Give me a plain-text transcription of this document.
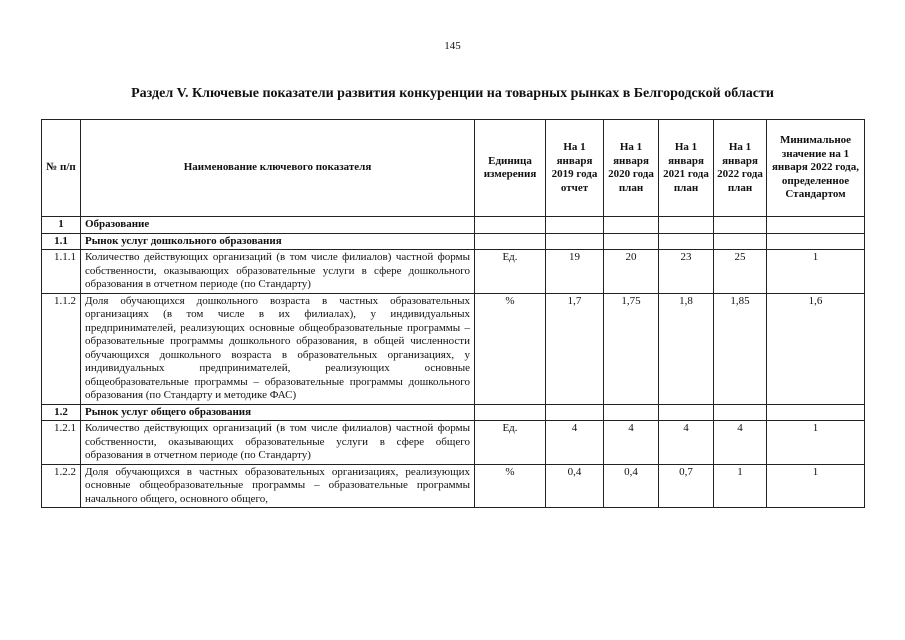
145
Раздел V. Ключевые показатели развития конкуренции на товарных рынках в Белгородской области
№ п/п	Наименование ключевого показателя	Единица измерения	На 1 января 2019 года отчет	На 1 января 2020 года план	На 1 января 2021 года план	На 1 января 2022 года план	Минимальное значение на 1 января 2022 года, определенное Стандартом
1	Образование						
1.1	Рынок услуг дошкольного образования						
1.1.1	Количество действующих организаций (в том числе филиалов) частной формы собственности, оказывающих образовательные услуги в сфере дошкольного образования в отчетном периоде (по Стандарту)	Ед.	19	20	23	25	1
1.1.2	Доля обучающихся дошкольного возраста в частных образовательных организациях (в том числе в их филиалах), у индивидуальных предпринимателей, реализующих основные общеобразовательные программы – образовательные программы дошкольного образования, в общей численности обучающихся дошкольного возраста в образовательных организациях, у индивидуальных предпринимателей, реализующих основные общеобразовательные программы – образовательные программы дошкольного образования (по Стандарту и методике ФАС)	%	1,7	1,75	1,8	1,85	1,6
1.2	Рынок услуг общего образования						
1.2.1	Количество действующих организаций (в том числе филиалов) частной формы собственности, оказывающих образовательные услуги в сфере общего образования в отчетном периоде (по Стандарту)	Ед.	4	4	4	4	1
1.2.2	Доля обучающихся в частных образовательных организациях, реализующих основные общеобразовательные программы – образовательные программы начального общего, основного общего,	%	0,4	0,4	0,7	1	1
